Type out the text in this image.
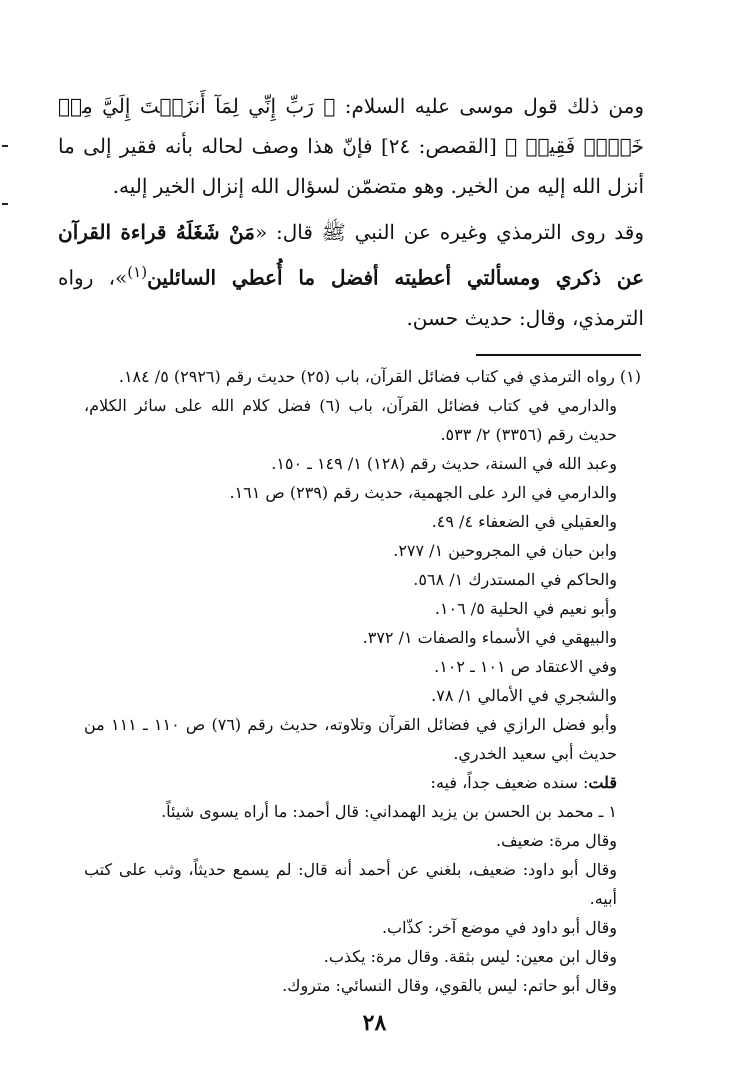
ومن ذلك قول موسى عليه السلام: ﴿ رَبِّ إِنِّي لِمَآ أَنزَلۡتَ إِلَيَّ مِنۡ خَيۡرٖ فَقِيرٞ ﴾ [القصص: ٢٤] فإنّ هذا وصف لحاله بأنه فقير إلى ما أنزل الله إليه من الخير. وهو متضمّن لسؤال الله إنزال الخير إليه.

وقد روى الترمذي وغيره عن النبي ﷺ قال: «مَنْ شَغَلَهُ قراءة القرآن عن ذكري ومسألتي أعطيته أفضل ما أُعطي السائلين$^{(١)}$»، رواه الترمذي، وقال: حديث حسن.

(١) رواه الترمذي في كتاب فضائل القرآن، باب (٢٥) حديث رقم (٢٩٢٦) ٥/ ١٨٤.
والدارمي في كتاب فضائل القرآن، باب (٦) فضل كلام الله على سائر الكلام، حديث رقم (٣٣٥٦) ٢/ ٥٣٣.
وعبد الله في السنة، حديث رقم (١٢٨) ١/ ١٤٩ ـ ١٥٠.
والدارمي في الرد على الجهمية، حديث رقم (٢٣٩) ص ١٦١.
والعقيلي في الضعفاء ٤/ ٤٩.
وابن حبان في المجروحين ١/ ٢٧٧.
والحاكم في المستدرك ١/ ٥٦٨.
وأبو نعيم في الحلية ٥/ ١٠٦.
والبيهقي في الأسماء والصفات ١/ ٣٧٢.
وفي الاعتقاد ص ١٠١ ـ ١٠٢.
والشجري في الأمالي ١/ ٧٨.
وأبو فضل الرازي في فضائل القرآن وتلاوته، حديث رقم (٧٦) ص ١١٠ ـ ١١١ من حديث أبي سعيد الخدري.
قلت: سنده ضعيف جداً، فيه:
١ ـ محمد بن الحسن بن يزيد الهمداني: قال أحمد: ما أراه يسوى شيئاً.
وقال مرة: ضعيف.
وقال أبو داود: ضعيف، بلغني عن أحمد أنه قال: لم يسمع حديثاً، وثب على كتب أبيه.
وقال أبو داود في موضع آخر: كذّاب.
وقال ابن معين: ليس بثقة. وقال مرة: يكذب.
وقال أبو حاتم: ليس بالقوي، وقال النسائي: متروك.
٢٨
